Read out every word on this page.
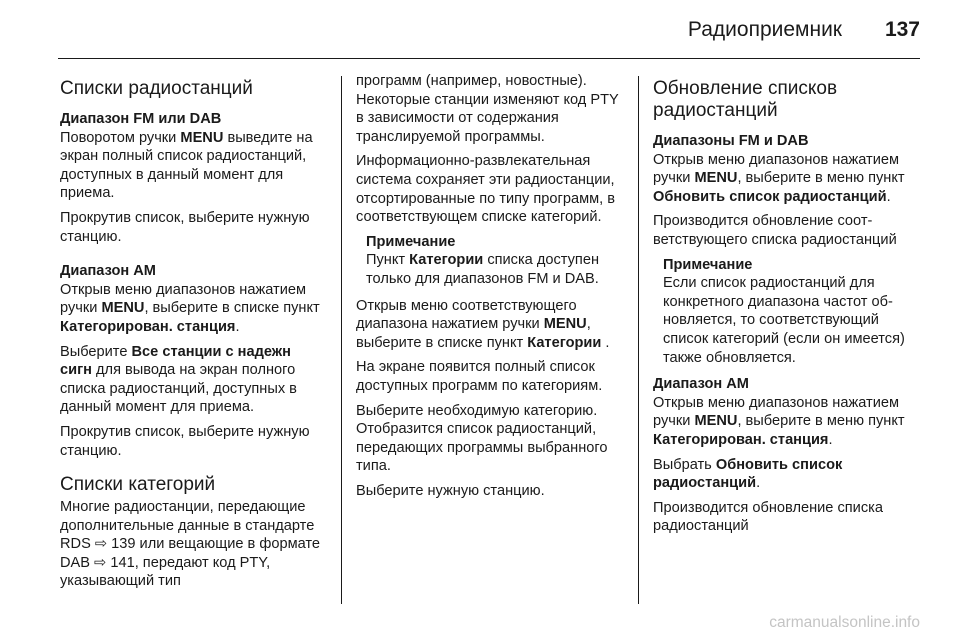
Радиоприемник 137
Списки радиостанций

Диапазон FM или DAB

Поворотом ручки MENU выведите на экран полный список радиостанций, доступных в данный момент для приема.

Прокрутив список, выберите нужную станцию.

Диапазон AM

Открыв меню диапазонов нажатием ручки MENU, выберите в списке пункт Категорирован. станция.

Выберите Все станции с надежн сигн для вывода на экран полного списка радиостанций, доступных в данный момент для приема.

Прокрутив список, выберите нужную станцию.

Списки категорий

Многие радиостанции, передающие дополнительные данные в стандарте RDS ⇨ 139 или вещающие в формате DAB ⇨ 141, передают код PTY, указывающий тип

программ (например, новостные). Некоторые станции изменяют код PTY в зависимости от содержания транслируемой программы.

Информационно-развлекательная система сохраняет эти радиостанции, отсортированные по типу программ, в соответствующем списке категорий.

Примечание
Пункт Категории списка доступен только для диапазонов FM и DAB.

Открыв меню соответствующего диапазона нажатием ручки MENU, выберите в списке пункт Категории .

На экране появится полный список доступных программ по категориям.

Выберите необходимую категорию. Отобразится список радиостанций, передающих программы выбранного типа.

Выберите нужную станцию.

Обновление списков радиостанций

Диапазоны FM и DAB

Открыв меню диапазонов нажатием ручки MENU, выберите в меню пункт Обновить список радиостанций.

Производится обновление соответствующего списка радиостанций

Примечание
Если список радиостанций для конкретного диапазона частот обновляется, то соответствующий список категорий (если он имеется) также обновляется.

Диапазон AM

Открыв меню диапазонов нажатием ручки MENU, выберите в меню пункт Категорирован. станция.

Выбрать Обновить список радиостанций.

Производится обновление списка радиостанций

carmanualsonline.info
